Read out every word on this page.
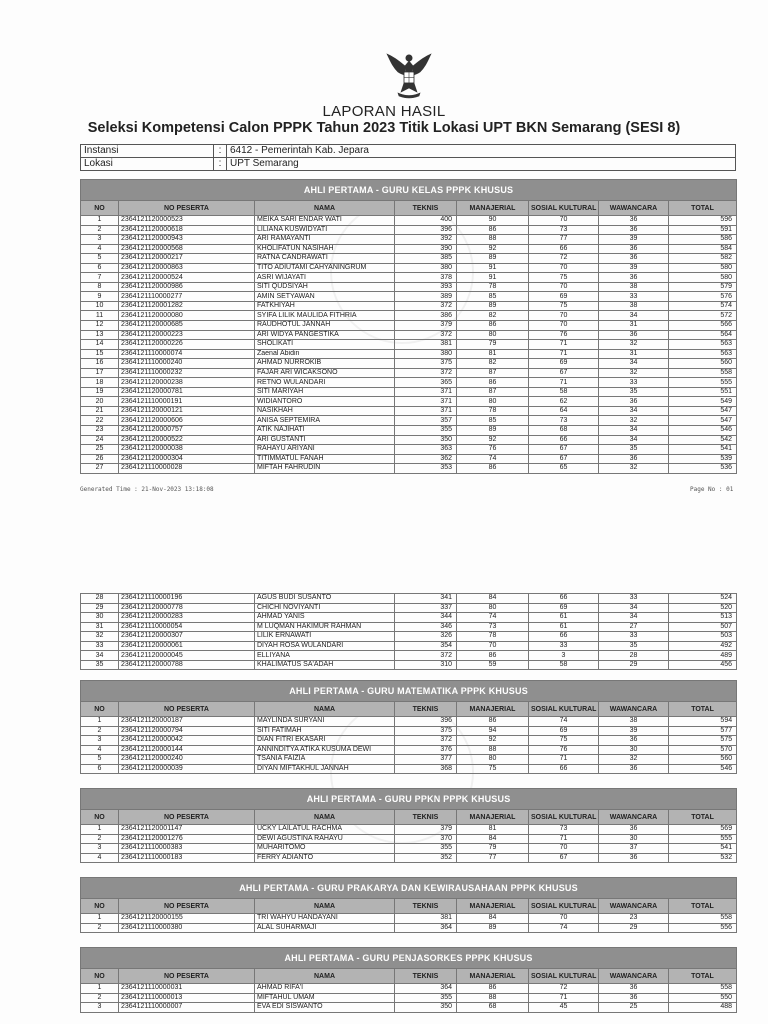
LAPORAN HASIL
Seleksi Kompetensi Calon PPPK Tahun 2023 Titik Lokasi UPT BKN Semarang (SESI 8)
Instansi	:	6412 - Pemerintah Kab. Jepara
Lokasi	:	UPT Semarang
AHLI PERTAMA - GURU KELAS PPPK KHUSUS							
NO	NO PESERTA	NAMA	TEKNIS	MANAJERIAL	SOSIAL KULTURAL	WAWANCARA	TOTAL
1	2364121120000523	MEIKA SARI ENDAR WATI	400	90	70	36	596
2	2364121120000618	LILIANA KUSWIDYATI	396	86	73	36	591
3	2364121120000943	ARI RAMAYANTI	392	88	77	39	586
4	2364121120000568	KHOLIFATUN NASIHAH	390	92	66	36	584
5	2364121120000217	RATNA CANDRAWATI	385	89	72	36	582
6	2364121120000863	TITO ADIUTAMI CAHYANINGRUM	380	91	70	39	580
7	2364121120000524	ASRI WIJAYATI	378	91	75	36	580
8	2364121120000986	SITI QUDSIYAH	393	78	70	38	579
9	2364121110000277	AMIN SETYAWAN	389	85	69	33	576
10	2364121120001282	FATKHIYAH	372	89	75	38	574
11	2364121120000080	SYIFA LILIK MAULIDA FITHRIA	386	82	70	34	572
12	2364121120000685	RAUDHOTUL JANNAH	379	86	70	31	566
13	2364121120000223	ARI WIDYA PANGESTIKA	372	80	76	36	564
14	2364121120000226	SHOLIKATI	381	79	71	32	563
15	2364121110000074	Zaenal Abidin	380	81	71	31	563
16	2364121110000240	AHMAD NURROKIB	375	82	69	34	560
17	2364121110000232	FAJAR ARI WICAKSONO	372	87	67	32	558
18	2364121120000238	RETNO WULANDARI	365	86	71	33	555
19	2364121120000781	SITI MARIYAH	371	87	58	35	551
20	2364121110000191	WIDIANTORO	371	80	62	36	549
21	2364121120000121	NASIKHAH	371	78	64	34	547
22	2364121120000606	ANISA SEPTEMIRA	357	85	73	32	547
23	2364121120000757	ATIK NAJIHATI	355	89	68	34	546
24	2364121120000522	ARI GUSTANTI	350	92	66	34	542
25	2364121120000038	RAHAYU ARIYANI	363	76	67	35	541
26	2364121120000304	TITIMMATUL FANAH	362	74	67	36	539
27	2364121110000028	MIFTAH FAHRUDIN	353	86	65	32	536
Generated Time : 21-Nov-2023 13:18:08	Page No : 01
28	2364121110000196	AGUS BUDI SUSANTO	341	84	66	33	524
29	2364121120000778	CHICHI NOVIYANTI	337	80	69	34	520
30	2364121120000283	AHMAD YANIS	344	74	61	34	513
31	2364121110000054	M LUQMAN HAKIMUR RAHMAN	346	73	61	27	507
32	2364121120000307	LILIK ERNAWATI	326	78	66	33	503
33	2364121120000061	DIYAH ROSA WULANDARI	354	70	33	35	492
34	2364121120000045	ELLIYANA	372	86	3	28	489
35	2364121120000788	KHALIMATUS SA'ADAH	310	59	58	29	456
AHLI PERTAMA - GURU MATEMATIKA PPPK KHUSUS							
NO	NO PESERTA	NAMA	TEKNIS	MANAJERIAL	SOSIAL KULTURAL	WAWANCARA	TOTAL
1	2364121120000187	MAYLINDA SURYANI	396	86	74	38	594
2	2364121120000794	SITI FATIMAH	375	94	69	39	577
3	2364121120000042	DIAN FITRI EKASARI	372	92	75	36	575
4	2364121120000144	ANNINDITYA ATIKA KUSUMA DEWI	376	88	76	30	570
5	2364121120000240	TSANIA FAIZIA	377	80	71	32	560
6	2364121120000039	DIYAN MIFTAKHUL JANNAH	368	75	66	36	546
AHLI PERTAMA - GURU PPKN PPPK KHUSUS							
NO	NO PESERTA	NAMA	TEKNIS	MANAJERIAL	SOSIAL KULTURAL	WAWANCARA	TOTAL
1	2364121120001147	UCKY LAILATUL RACHMA	379	81	73	36	569
2	2364121120001276	DEWI AGUSTINA RAHAYU	370	84	71	30	555
3	2364121110000383	MUHARITOMO	355	79	70	37	541
4	2364121110000183	FERRY ADIANTO	352	77	67	36	532
AHLI PERTAMA - GURU PRAKARYA DAN KEWIRAUSAHAAN PPPK KHUSUS							
NO	NO PESERTA	NAMA	TEKNIS	MANAJERIAL	SOSIAL KULTURAL	WAWANCARA	TOTAL
1	2364121120000155	TRI WAHYU HANDAYANI	381	84	70	23	558
2	2364121110000380	ALAL SUHARMAJI	364	89	74	29	556
AHLI PERTAMA - GURU PENJASORKES PPPK KHUSUS							
NO	NO PESERTA	NAMA	TEKNIS	MANAJERIAL	SOSIAL KULTURAL	WAWANCARA	TOTAL
1	2364121110000031	AHMAD RIFA'I	364	86	72	36	558
2	2364121110000013	MIFTAHUL UMAM	355	88	71	36	550
3	2364121110000007	EVA EDI SISWANTO	350	68	45	25	488
